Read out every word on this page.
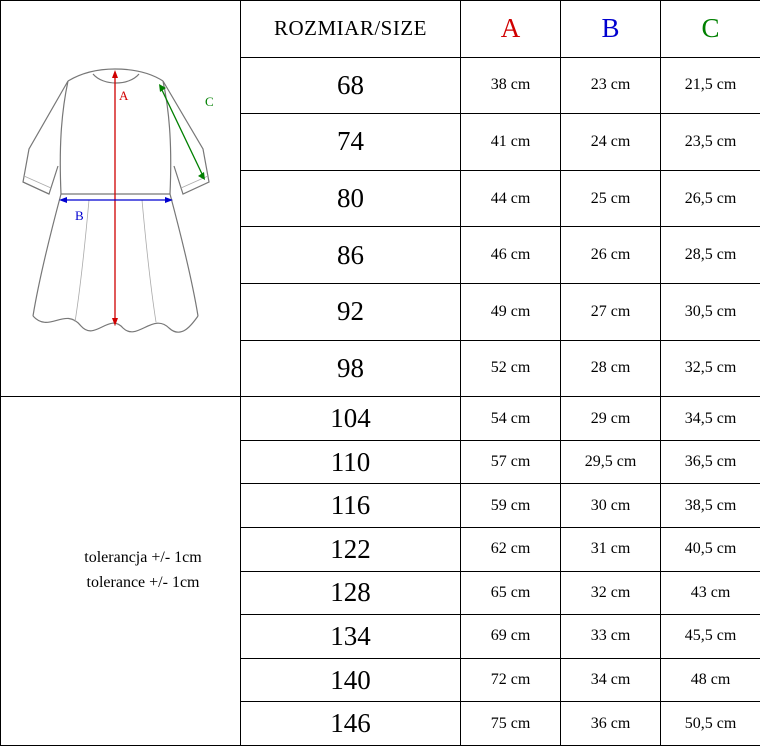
A
B
C	ROZMIAR/SIZE	A	B	C
	68	38 cm	23 cm	21,5 cm
	74	41 cm	24 cm	23,5 cm
	80	44 cm	25 cm	26,5 cm
	86	46 cm	26 cm	28,5 cm
	92	49 cm	27 cm	30,5 cm
	98	52 cm	28 cm	32,5 cm

tolerancja +/- 1cm
tolerance +/- 1cm	104	54 cm	29 cm	34,5 cm
	110	57 cm	29,5 cm	36,5 cm
	116	59 cm	30 cm	38,5 cm
	122	62 cm	31 cm	40,5 cm
	128	65 cm	32 cm	43 cm
	134	69 cm	33 cm	45,5 cm
	140	72 cm	34 cm	48 cm
	146	75 cm	36 cm	50,5 cm
